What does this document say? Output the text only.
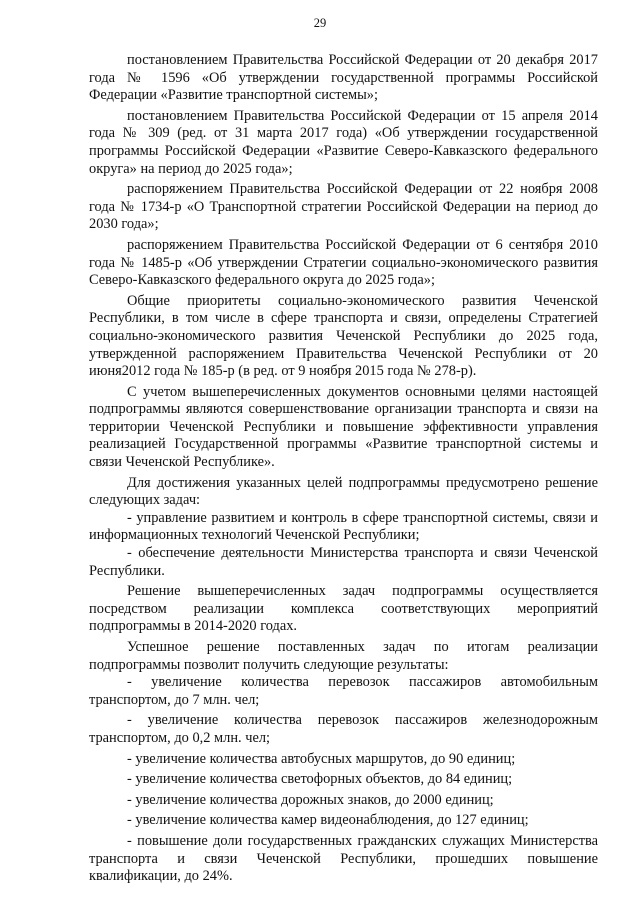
29

постановлением Правительства Российской Федерации от 20 декабря 2017 года № 1596 «Об утверждении государственной программы Российской Федерации «Развитие транспортной системы»;

постановлением Правительства Российской Федерации от 15 апреля 2014 года № 309 (ред. от 31 марта 2017 года) «Об утверждении государственной программы Российской Федерации «Развитие Северо-Кавказского федерального округа» на период до 2025 года»;

распоряжением Правительства Российской Федерации от 22 ноября 2008 года № 1734-р «О Транспортной стратегии Российской Федерации на период до 2030 года»;

распоряжением Правительства Российской Федерации от 6 сентября 2010 года № 1485-р «Об утверждении Стратегии социально-экономического развития Северо-Кавказского федерального округа до 2025 года»;

Общие приоритеты социально-экономического развития Чеченской Республики, в том числе в сфере транспорта и связи, определены Стратегией социально-экономического развития Чеченской Республики до 2025 года, утвержденной распоряжением Правительства Чеченской Республики от 20 июня2012 года № 185-р (в ред. от 9 ноября 2015 года № 278-р).

С учетом вышеперечисленных документов основными целями настоящей подпрограммы являются совершенствование организации транспорта и связи на территории Чеченской Республики и повышение эффективности управления реализацией Государственной программы «Развитие транспортной системы и связи Чеченской Республике».

Для достижения указанных целей подпрограммы предусмотрено решение следующих задач:

- управление развитием и контроль в сфере транспортной системы, связи и информационных технологий Чеченской Республики;

- обеспечение деятельности Министерства транспорта и связи Чеченской Республики.

Решение вышеперечисленных задач подпрограммы осуществляется посредством реализации комплекса соответствующих мероприятий подпрограммы в 2014-2020 годах.

Успешное решение поставленных задач по итогам реализации подпрограммы позволит получить следующие результаты:

- увеличение количества перевозок пассажиров автомобильным транспортом, до 7 млн. чел;

- увеличение количества перевозок пассажиров железнодорожным транспортом, до 0,2 млн. чел;

- увеличение количества автобусных маршрутов, до 90 единиц;

- увеличение количества светофорных объектов, до 84 единиц;

- увеличение количества дорожных знаков, до 2000 единиц;

- увеличение количества камер видеонаблюдения, до 127 единиц;

- повышение доли государственных гражданских служащих Министерства транспорта и связи Чеченской Республики, прошедших повышение квалификации, до 24%.
